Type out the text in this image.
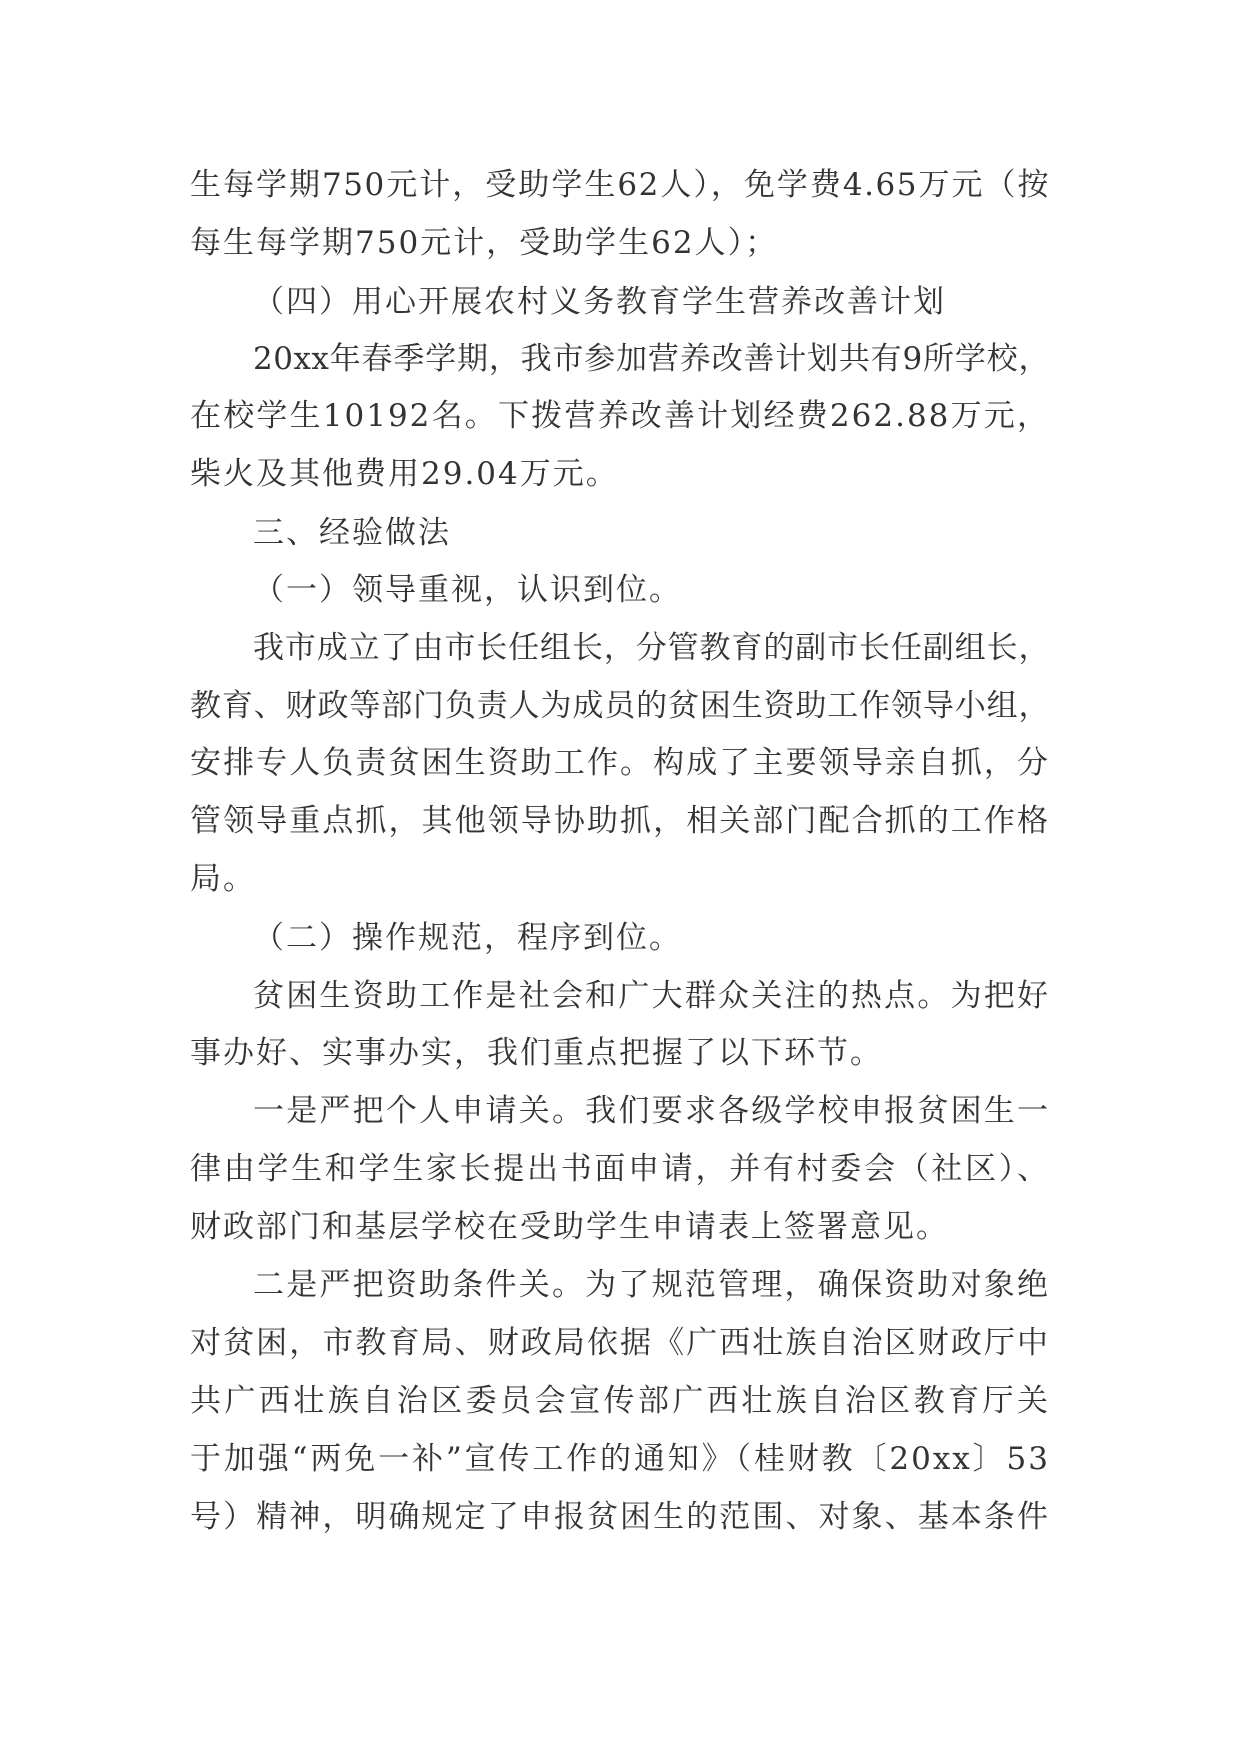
生每学期750元计，受助学生62人），免学费4.65万元（按
每生每学期750元计，受助学生62人）；
（四）用心开展农村义务教育学生营养改善计划
20xx年春季学期，我市参加营养改善计划共有9所学校，
在校学生10192名。下拨营养改善计划经费262.88万元，
柴火及其他费用29.04万元。
三、经验做法
（一）领导重视，认识到位。
我市成立了由市长任组长，分管教育的副市长任副组长，
教育、财政等部门负责人为成员的贫困生资助工作领导小组，
安排专人负责贫困生资助工作。构成了主要领导亲自抓，分
管领导重点抓，其他领导协助抓，相关部门配合抓的工作格
局。
（二）操作规范，程序到位。
贫困生资助工作是社会和广大群众关注的热点。为把好
事办好、实事办实，我们重点把握了以下环节。
一是严把个人申请关。我们要求各级学校申报贫困生一
律由学生和学生家长提出书面申请，并有村委会（社区）、
财政部门和基层学校在受助学生申请表上签署意见。
二是严把资助条件关。为了规范管理，确保资助对象绝
对贫困，市教育局、财政局依据《广西壮族自治区财政厅中
共广西壮族自治区委员会宣传部广西壮族自治区教育厅关
于加强“两免一补”宣传工作的通知》（桂财教〔20xx〕53
号）精神，明确规定了申报贫困生的范围、对象、基本条件
